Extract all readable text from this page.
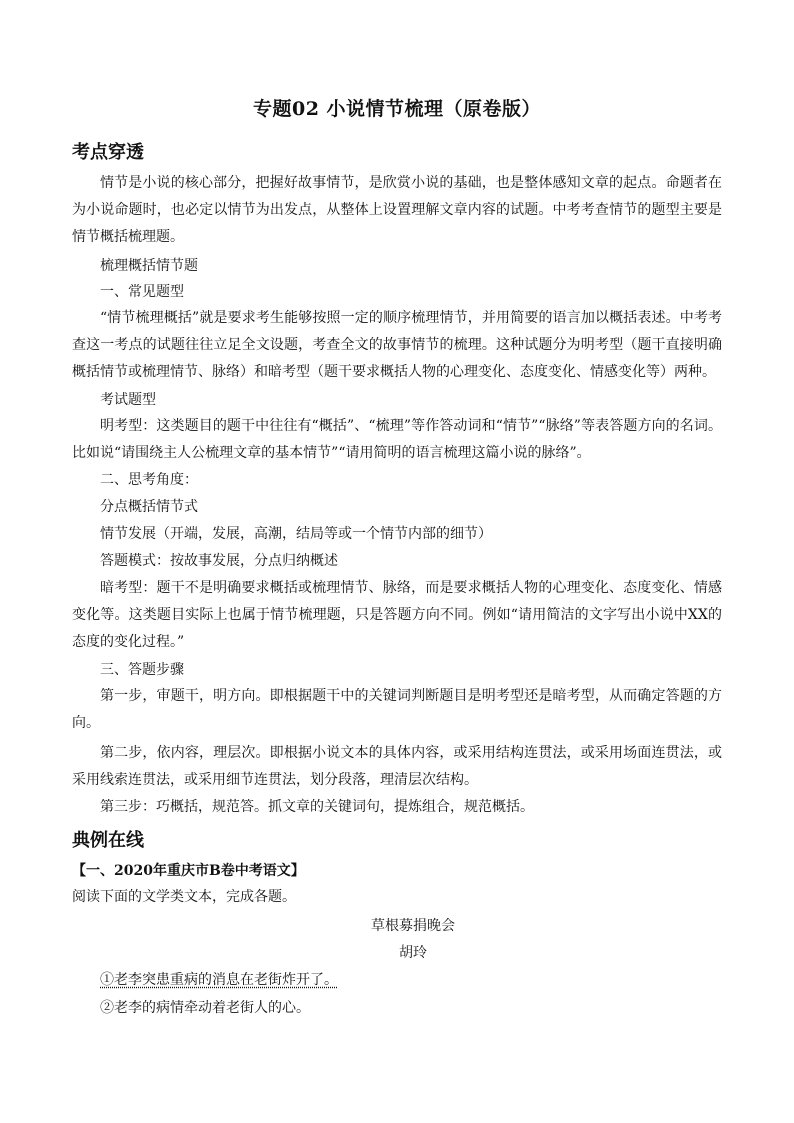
专题02 小说情节梳理（原卷版）
考点穿透
情节是小说的核心部分，把握好故事情节，是欣赏小说的基础，也是整体感知文章的起点。命题者在为小说命题时，也必定以情节为出发点，从整体上设置理解文章内容的试题。中考考查情节的题型主要是情节概括梳理题。
梳理概括情节题
一、常见题型
“情节梳理概括”就是要求考生能够按照一定的顺序梳理情节，并用简要的语言加以概括表述。中考考查这一考点的试题往往立足全文设题，考查全文的故事情节的梳理。这种试题分为明考型（题干直接明确概括情节或梳理情节、脉络）和暗考型（题干要求概括人物的心理变化、态度变化、情感变化等）两种。
考试题型
明考型：这类题目的题干中往往有“概括”、“梳理”等作答动词和“情节”“脉络”等表答题方向的名词。比如说“请围绕主人公梳理文章的基本情节”“请用简明的语言梳理这篇小说的脉络”。
二、思考角度：
分点概括情节式
情节发展（开端，发展，高潮，结局等或一个情节内部的细节）
答题模式：按故事发展，分点归纳概述
暗考型：题干不是明确要求概括或梳理情节、脉络，而是要求概括人物的心理变化、态度变化、情感变化等。这类题目实际上也属于情节梳理题，只是答题方向不同。例如“请用简洁的文字写出小说中XX的态度的变化过程。”
三、答题步骤
第一步，审题干，明方向。即根据题干中的关键词判断题目是明考型还是暗考型，从而确定答题的方向。
第二步，依内容，理层次。即根据小说文本的具体内容，或采用结构连贯法，或采用场面连贯法，或采用线索连贯法，或采用细节连贯法，划分段落，理清层次结构。
第三步：巧概括，规范答。抓文章的关键词句，提炼组合，规范概括。
典例在线
【一、2020年重庆市B卷中考语文】
阅读下面的文学类文本，完成各题。
草根募捐晚会
胡玲
①老李突患重病的消息在老街炸开了。
②老李的病情牵动着老街人的心。
